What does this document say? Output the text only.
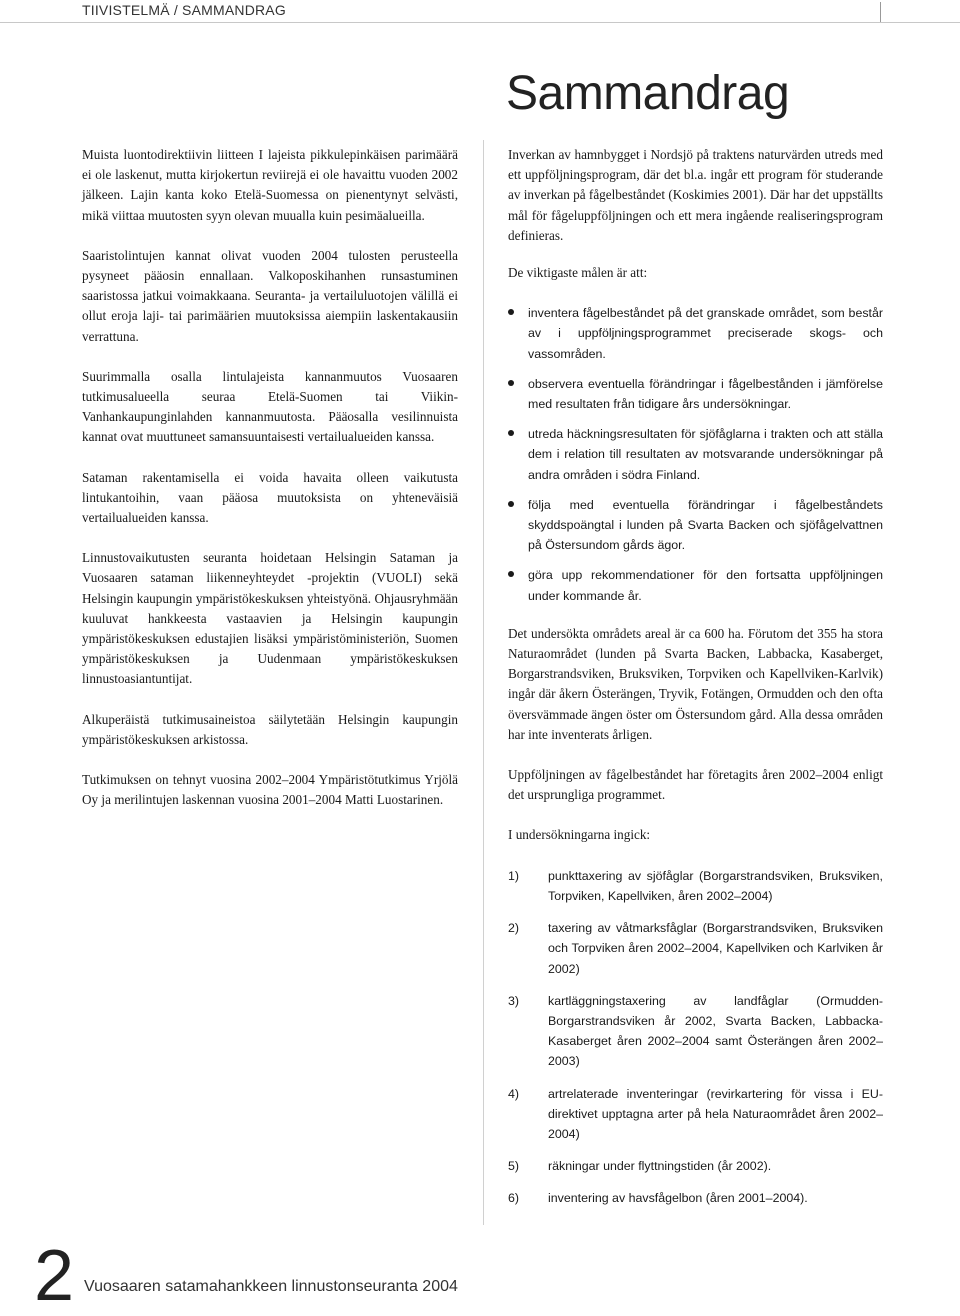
TIIVISTELMÄ / SAMMANDRAG
Sammandrag

Muista luontodirektiivin liitteen I lajeista pikkulepinkäisen parimäärä ei ole laskenut, mutta kirjokertun reviirejä ei ole havaittu vuoden 2002 jälkeen. Lajin kanta koko Etelä-Suomessa on pienentynyt selvästi, mikä viittaa muutosten syyn olevan muualla kuin pesimäalueilla.

Saaristolintujen kannat olivat vuoden 2004 tulosten perusteella pysyneet pääosin ennallaan. Valkoposkihanhen runsastuminen saaristossa jatkui voimakkaana. Seuranta- ja vertailuluotojen välillä ei ollut eroja laji- tai parimäärien muutoksissa aiempiin laskentakausiin verrattuna.

Suurimmalla osalla lintulajeista kannanmuutos Vuosaaren tutkimusalueella seuraa Etelä-Suomen tai Viikin-Vanhankaupunginlahden kannanmuutosta. Pääosalla vesilinnuista kannat ovat muuttuneet samansuuntaisesti vertailualueiden kanssa.

Sataman rakentamisella ei voida havaita olleen vaikutusta lintukantoihin, vaan pääosa muutoksista on yhteneväisiä vertailualueiden kanssa.

Linnustovaikutusten seuranta hoidetaan Helsingin Sataman ja Vuosaaren sataman liikenneyhteydet -projektin (VUOLI) sekä Helsingin kaupungin ympäristökeskuksen yhteistyönä. Ohjausryhmään kuuluvat hankkeesta vastaavien ja Helsingin kaupungin ympäristökeskuksen edustajien lisäksi ympäristöministeriön, Suomen ympäristökeskuksen ja Uudenmaan ympäristökeskuksen linnustoasiantuntijat.

Alkuperäistä tutkimusaineistoa säilytetään Helsingin kaupungin ympäristökeskuksen arkistossa.

Tutkimuksen on tehnyt vuosina 2002–2004 Ympäristötutkimus Yrjölä Oy ja merilintujen laskennan vuosina 2001–2004 Matti Luostarinen.

Inverkan av hamnbygget i Nordsjö på traktens naturvärden utreds med ett uppföljningsprogram, där det bl.a. ingår ett program för studerande av inverkan på fågelbeståndet (Koskimies 2001). Där har det uppställts mål för fågeluppföljningen och ett mera ingående realiseringsprogram definieras.

De viktigaste målen är att:

inventera fågelbeståndet på det granskade området, som består av i uppföljningsprogrammet preciserade skogs- och vassområden.
observera eventuella förändringar i fågelbestånden i jämförelse med resultaten från tidigare års undersökningar.
utreda häckningsresultaten för sjöfåglarna i trakten och att ställa dem i relation till resultaten av motsvarande undersökningar på andra områden i södra Finland.
följa med eventuella förändringar i fågelbeståndets skyddspoängtal i lunden på Svarta Backen och sjöfågelvattnen på Östersundom gårds ägor.
göra upp rekommendationer för den fortsatta uppföljningen under kommande år.

Det undersökta områdets areal är ca 600 ha. Förutom det 355 ha stora Naturaområdet (lunden på Svarta Backen, Labbacka, Kasaberget, Borgarstrandsviken, Bruksviken, Torpviken och Kapellviken-Karlvik) ingår där åkern Österängen, Tryvik, Fotängen, Ormudden och den ofta översvämmade ängen öster om Östersundom gård. Alla dessa områden har inte inventerats årligen.

Uppföljningen av fågelbeståndet har företagits åren 2002–2004 enligt det ursprungliga programmet.

I undersökningarna ingick:

1)	punkttaxering av sjöfåglar (Borgarstrandsviken, Bruksviken, Torpviken, Kapellviken, åren 2002–2004)
2)	taxering av våtmarksfåglar (Borgarstrandsviken, Bruksviken och Torpviken åren 2002–2004, Kapellviken och Karlviken år 2002)
3)	kartläggningstaxering av landfåglar (Ormudden-Borgarstrandsviken år 2002, Svarta Backen, Labbacka-Kasaberget åren 2002–2004 samt Österängen åren 2002–2003)
4)	artrelaterade inventeringar (revirkartering för vissa i EU-direktivet upptagna arter på hela Naturaområdet åren 2002–2004)
5)	räkningar under flyttningstiden (år 2002).
6)	inventering av havsfågelbon (åren 2001–2004).
2 Vuosaaren satamahankkeen linnustonseuranta 2004
